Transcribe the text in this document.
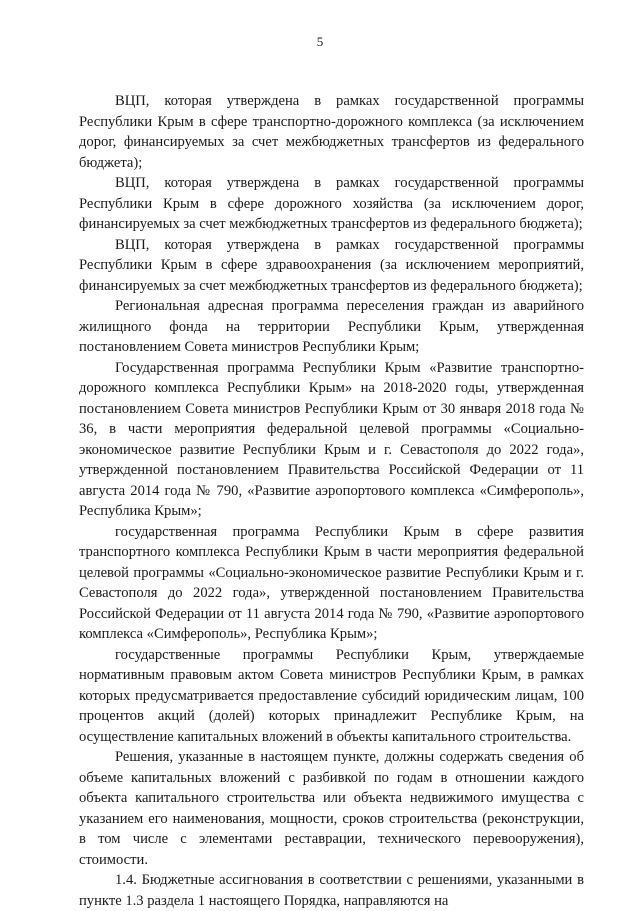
5

ВЦП, которая утверждена в рамках государственной программы Республики Крым в сфере транспортно-дорожного комплекса (за исключением дорог, финансируемых за счет межбюджетных трансфертов из федерального бюджета);

ВЦП, которая утверждена в рамках государственной программы Республики Крым в сфере дорожного хозяйства (за исключением дорог, финансируемых за счет межбюджетных трансфертов из федерального бюджета);

ВЦП, которая утверждена в рамках государственной программы Республики Крым в сфере здравоохранения (за исключением мероприятий, финансируемых за счет межбюджетных трансфертов из федерального бюджета);

Региональная адресная программа переселения граждан из аварийного жилищного фонда на территории Республики Крым, утвержденная постановлением Совета министров Республики Крым;

Государственная программа Республики Крым «Развитие транспортно-дорожного комплекса Республики Крым» на 2018-2020 годы, утвержденная постановлением Совета министров Республики Крым от 30 января 2018 года № 36, в части мероприятия федеральной целевой программы «Социально-экономическое развитие Республики Крым и г. Севастополя до 2022 года», утвержденной постановлением Правительства Российской Федерации от 11 августа 2014 года № 790, «Развитие аэропортового комплекса «Симферополь», Республика Крым»;

государственная программа Республики Крым в сфере развития транспортного комплекса Республики Крым в части мероприятия федеральной целевой программы «Социально-экономическое развитие Республики Крым и г. Севастополя до 2022 года», утвержденной постановлением Правительства Российской Федерации от 11 августа 2014 года № 790, «Развитие аэропортового комплекса «Симферополь», Республика Крым»;

государственные программы Республики Крым, утверждаемые нормативным правовым актом Совета министров Республики Крым, в рамках которых предусматривается предоставление субсидий юридическим лицам, 100 процентов акций (долей) которых принадлежит Республике Крым, на осуществление капитальных вложений в объекты капитального строительства.

Решения, указанные в настоящем пункте, должны содержать сведения об объеме капитальных вложений с разбивкой по годам в отношении каждого объекта капитального строительства или объекта недвижимого имущества с указанием его наименования, мощности, сроков строительства (реконструкции, в том числе с элементами реставрации, технического перевооружения), стоимости.

1.4. Бюджетные ассигнования в соответствии с решениями, указанными в пункте 1.3 раздела 1 настоящего Порядка, направляются на
